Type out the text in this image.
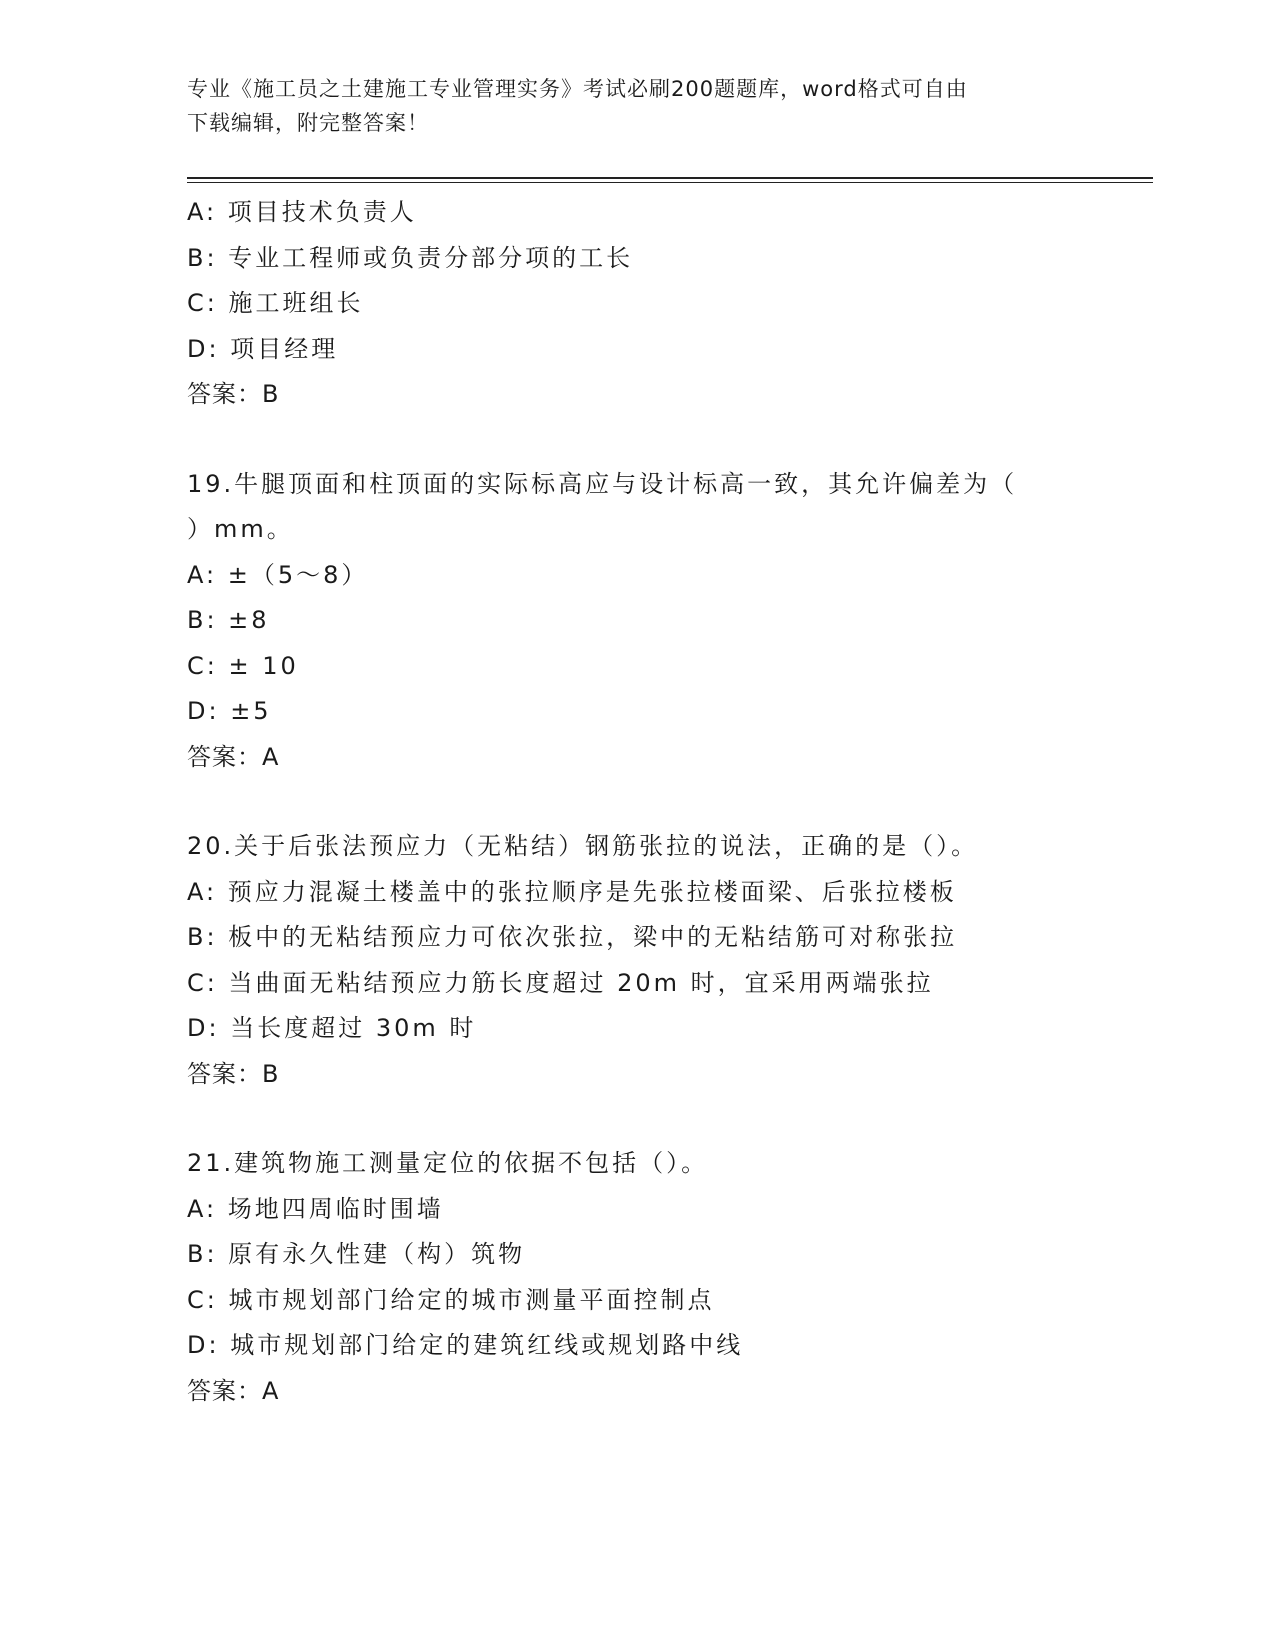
专业《施工员之土建施工专业管理实务》考试必刷200题题库，word格式可自由
下载编辑，附完整答案！
A: 项目技术负责人
B: 专业工程师或负责分部分项的工长
C: 施工班组长
D: 项目经理
答案：B
19.牛腿顶面和柱顶面的实际标高应与设计标高一致，其允许偏差为（
）mm。
A: ±（5～8）
B: ±8
C: ± 10
D: ±5
答案：A
20.关于后张法预应力（无粘结）钢筋张拉的说法，正确的是（）。
A: 预应力混凝土楼盖中的张拉顺序是先张拉楼面梁、后张拉楼板
B: 板中的无粘结预应力可依次张拉，梁中的无粘结筋可对称张拉
C: 当曲面无粘结预应力筋长度超过 20m 时，宜采用两端张拉
D: 当长度超过 30m 时
答案：B
21.建筑物施工测量定位的依据不包括（）。
A: 场地四周临时围墙
B: 原有永久性建（构）筑物
C: 城市规划部门给定的城市测量平面控制点
D: 城市规划部门给定的建筑红线或规划路中线
答案：A
